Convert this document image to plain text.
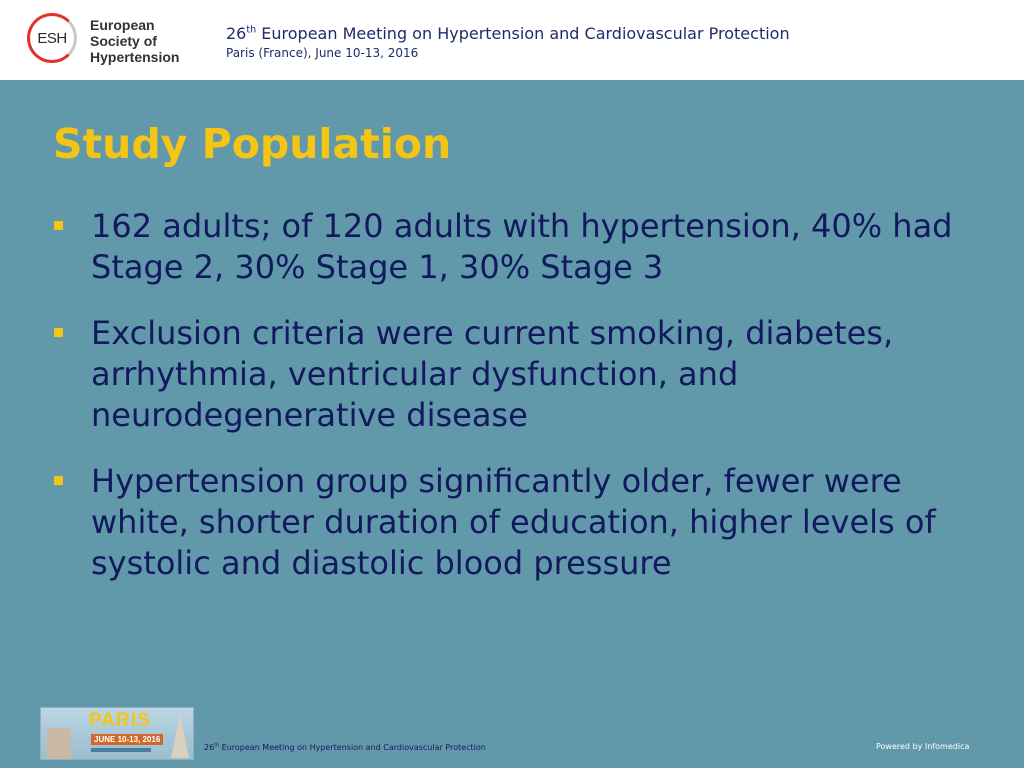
ESH
European
Society of
Hypertension
26th European Meeting on Hypertension and Cardiovascular Protection
Paris (France), June 10-13, 2016
Study Population
162 adults; of 120 adults with hypertension, 40% had Stage 2, 30% Stage 1, 30% Stage 3
Exclusion criteria were current smoking, diabetes, arrhythmia, ventricular dysfunction, and neurodegenerative disease
Hypertension group significantly older, fewer were white, shorter duration of education, higher levels of systolic and diastolic blood pressure
PARIS
JUNE 10-13, 2016
26th European Meeting on Hypertension and Cardiovascular Protection	Powered by Infomedica
